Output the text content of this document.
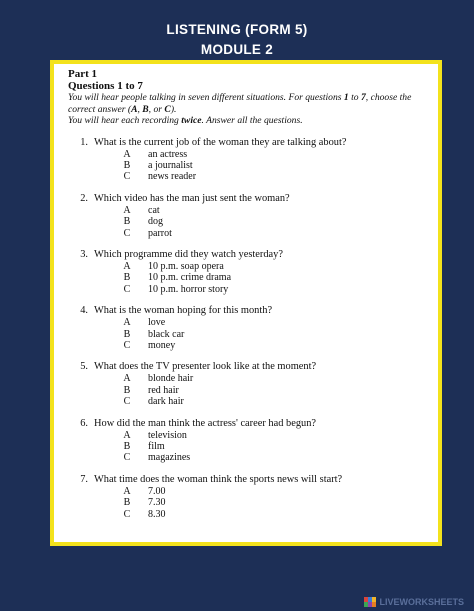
LISTENING (FORM 5)
MODULE 2
Part 1
Questions 1 to 7
You will hear people talking in seven different situations. For questions 1 to 7, choose the correct answer (A, B, or C).
You will hear each recording twice. Answer all the questions.
1. What is the current job of the woman they are talking about?
A	an actress
B	a journalist
C	news reader
2. Which video has the man just sent the woman?
A	cat
B	dog
C	parrot
3. Which programme did they watch yesterday?
A	10 p.m. soap opera
B	10 p.m. crime drama
C	10 p.m. horror story
4. What is the woman hoping for this month?
A	love
B	black car
C	money
5. What does the TV presenter look like at the moment?
A	blonde hair
B	red hair
C	dark hair
6. How did the man think the actress' career had begun?
A	television
B	film
C	magazines
7. What time does the woman think the sports news will start?
A	7.00
B	7.30
C	8.30
LIVEWORKSHEETS
